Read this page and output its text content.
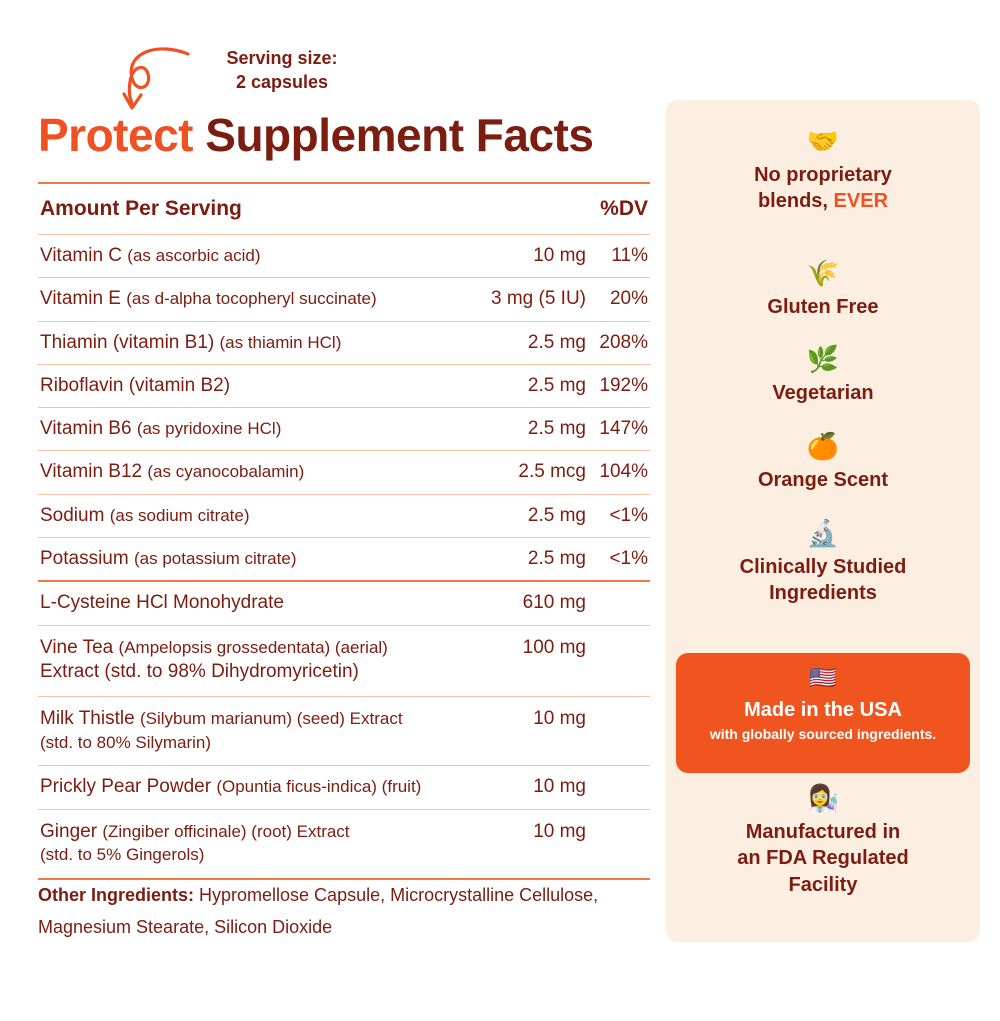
Serving size:
2 capsules
Protect Supplement Facts
Amount Per Serving	%DV
Vitamin C (as ascorbic acid)	10 mg	11%
Vitamin E (as d-alpha tocopheryl succinate)	3 mg (5 IU)	20%
Thiamin (vitamin B1) (as thiamin HCl)	2.5 mg 208%
Riboflavin (vitamin B2)	2.5 mg 192%
Vitamin B6 (as pyridoxine HCl)	2.5 mg 147%
Vitamin B12 (as cyanocobalamin)	2.5 mcg 104%
Sodium (as sodium citrate)	2.5 mg	<1%
Potassium (as potassium citrate)	2.5 mg	<1%
L-Cysteine HCl Monohydrate	610 mg
Vine Tea (Ampelopsis grossedentata) (aerial)
Extract (std. to 98% Dihydromyricetin)
100 mg
Milk Thistle (Silybum marianum) (seed) Extract
(std. to 80% Silymarin)
10 mg
Prickly Pear Powder (Opuntia ficus-indica) (fruit)	10 mg
Ginger (Zingiber officinale) (root) Extract
(std. to 5% Gingerols)
10 mg
Other Ingredients: Hypromellose Capsule, Microcrystalline Cellulose, Magnesium Stearate, Silicon Dioxide
🤝
No proprietary
blends, EVER
🌾
Gluten Free
🌿
Vegetarian
🍊
Orange Scent
🔬
Clinically Studied
Ingredients
🇺🇸
Made in the USA
with globally sourced ingredients.
👩‍🔬
Manufactured in
an FDA Regulated
Facility
